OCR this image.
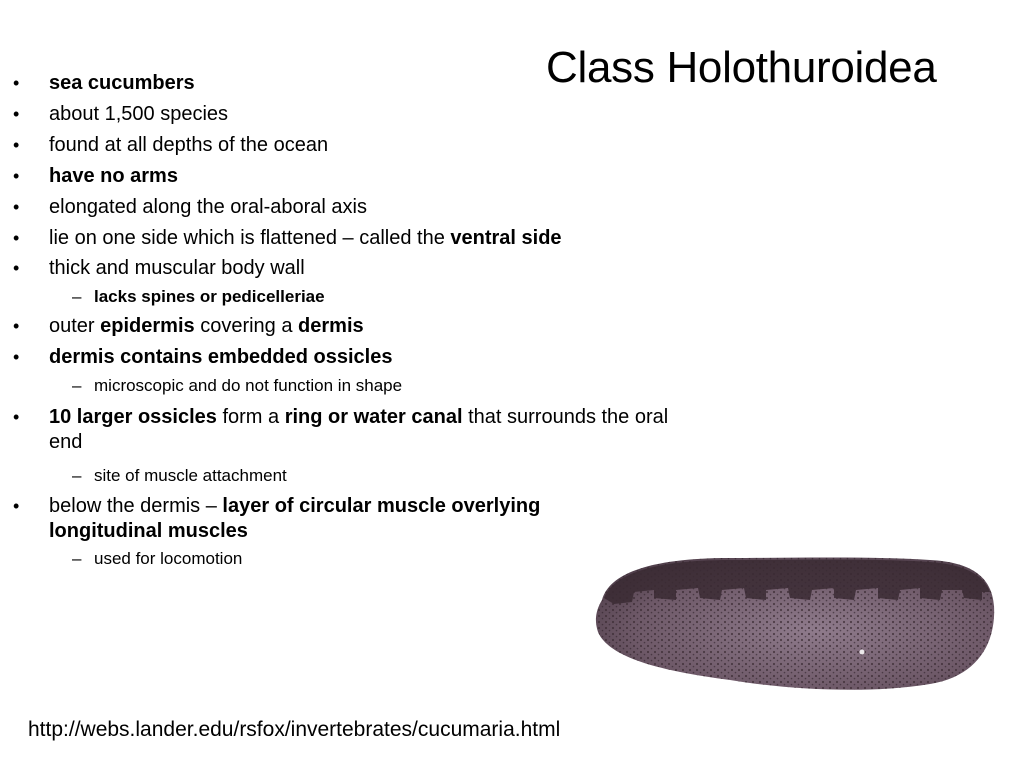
Class Holothuroidea
• sea cucumbers
• about 1,500 species
• found at all depths of the ocean
• have no arms
• elongated along the oral-aboral axis
• lie on one side which is flattened – called the ventral side
• thick and muscular body wall
– lacks spines or pedicelleriae
• outer epidermis covering a dermis
• dermis contains embedded ossicles
– microscopic and do not function in shape
• 10 larger ossicles form a ring or water canal that surrounds the oral end
– site of muscle attachment
• below the dermis – layer of circular muscle overlying longitudinal muscles
– used for locomotion
http://webs.lander.edu/rsfox/invertebrates/cucumaria.html
